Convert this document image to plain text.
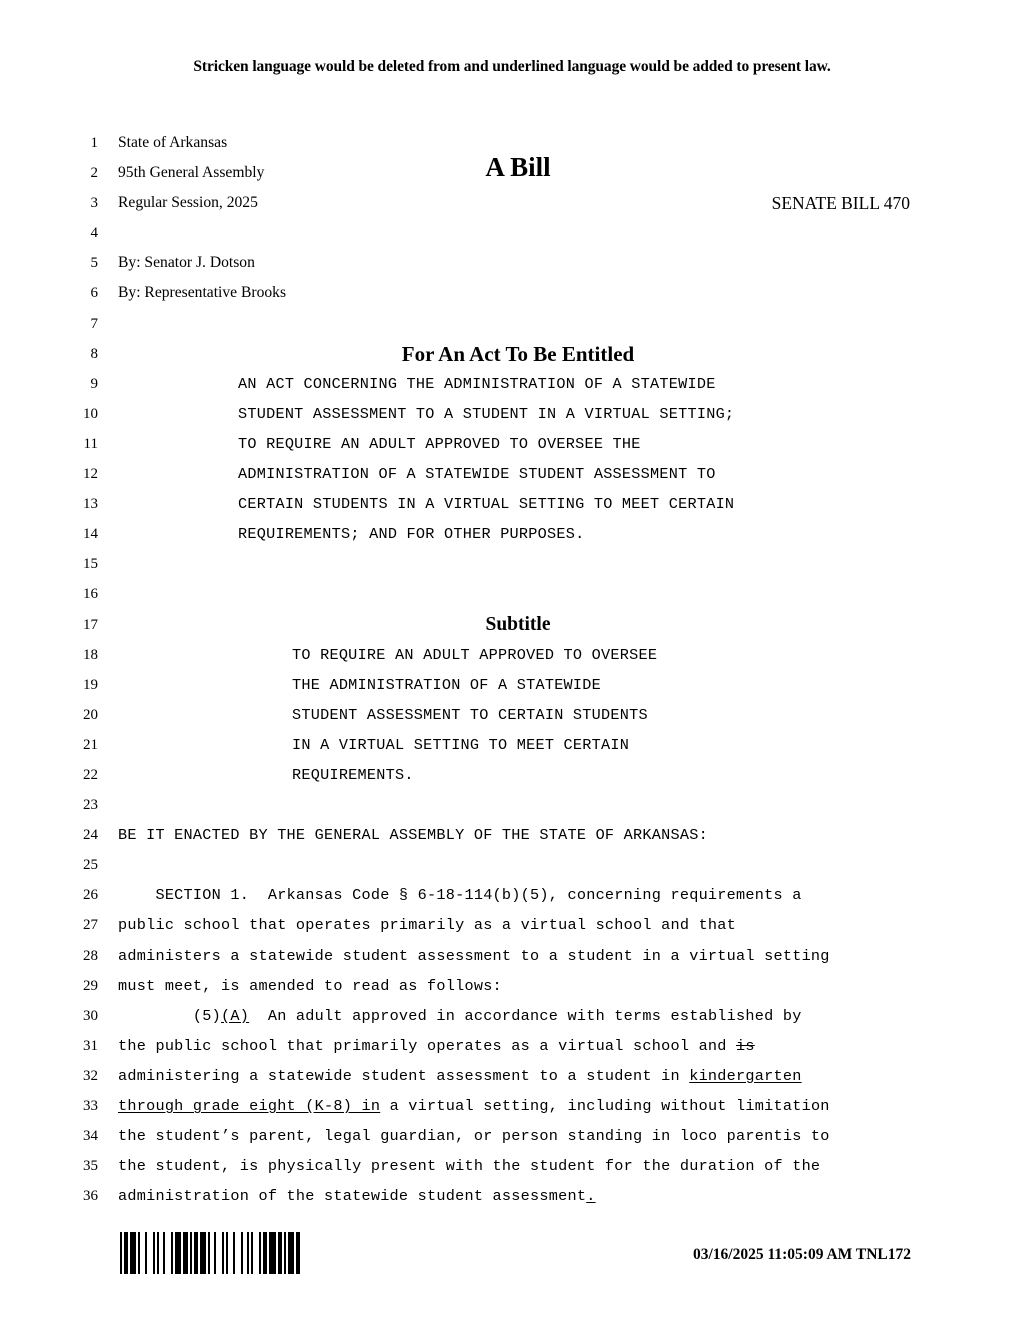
Stricken language would be deleted from and underlined language would be added to present law.
1
2
3
4
5
6
7
8
9
10
11
12
13
14
15
16
17
18
19
20
21
22
23
24
25
26
27
28
29
30
31
32
33
34
35
36
State of Arkansas
95th General Assembly	A Bill
Regular Session, 2025	SENATE BILL 470

By: Senator J. Dotson
By: Representative Brooks

For An Act To Be Entitled
AN ACT CONCERNING THE ADMINISTRATION OF A STATEWIDE
STUDENT ASSESSMENT TO A STUDENT IN A VIRTUAL SETTING;
TO REQUIRE AN ADULT APPROVED TO OVERSEE THE
ADMINISTRATION OF A STATEWIDE STUDENT ASSESSMENT TO
CERTAIN STUDENTS IN A VIRTUAL SETTING TO MEET CERTAIN
REQUIREMENTS; AND FOR OTHER PURPOSES.

Subtitle
TO REQUIRE AN ADULT APPROVED TO OVERSEE
THE ADMINISTRATION OF A STATEWIDE
STUDENT ASSESSMENT TO CERTAIN STUDENTS
IN A VIRTUAL SETTING TO MEET CERTAIN
REQUIREMENTS.

BE IT ENACTED BY THE GENERAL ASSEMBLY OF THE STATE OF ARKANSAS:

SECTION 1.  Arkansas Code § 6-18-114(b)(5), concerning requirements a
public school that operates primarily as a virtual school and that
administers a statewide student assessment to a student in a virtual setting
must meet, is amended to read as follows:
(5)(A)  An adult approved in accordance with terms established by
the public school that primarily operates as a virtual school and is
administering a statewide student assessment to a student in kindergarten
through grade eight (K-8) in a virtual setting, including without limitation
the student’s parent, legal guardian, or person standing in loco parentis to
the student, is physically present with the student for the duration of the
administration of the statewide student assessment.
03/16/2025 11:05:09 AM TNL172
